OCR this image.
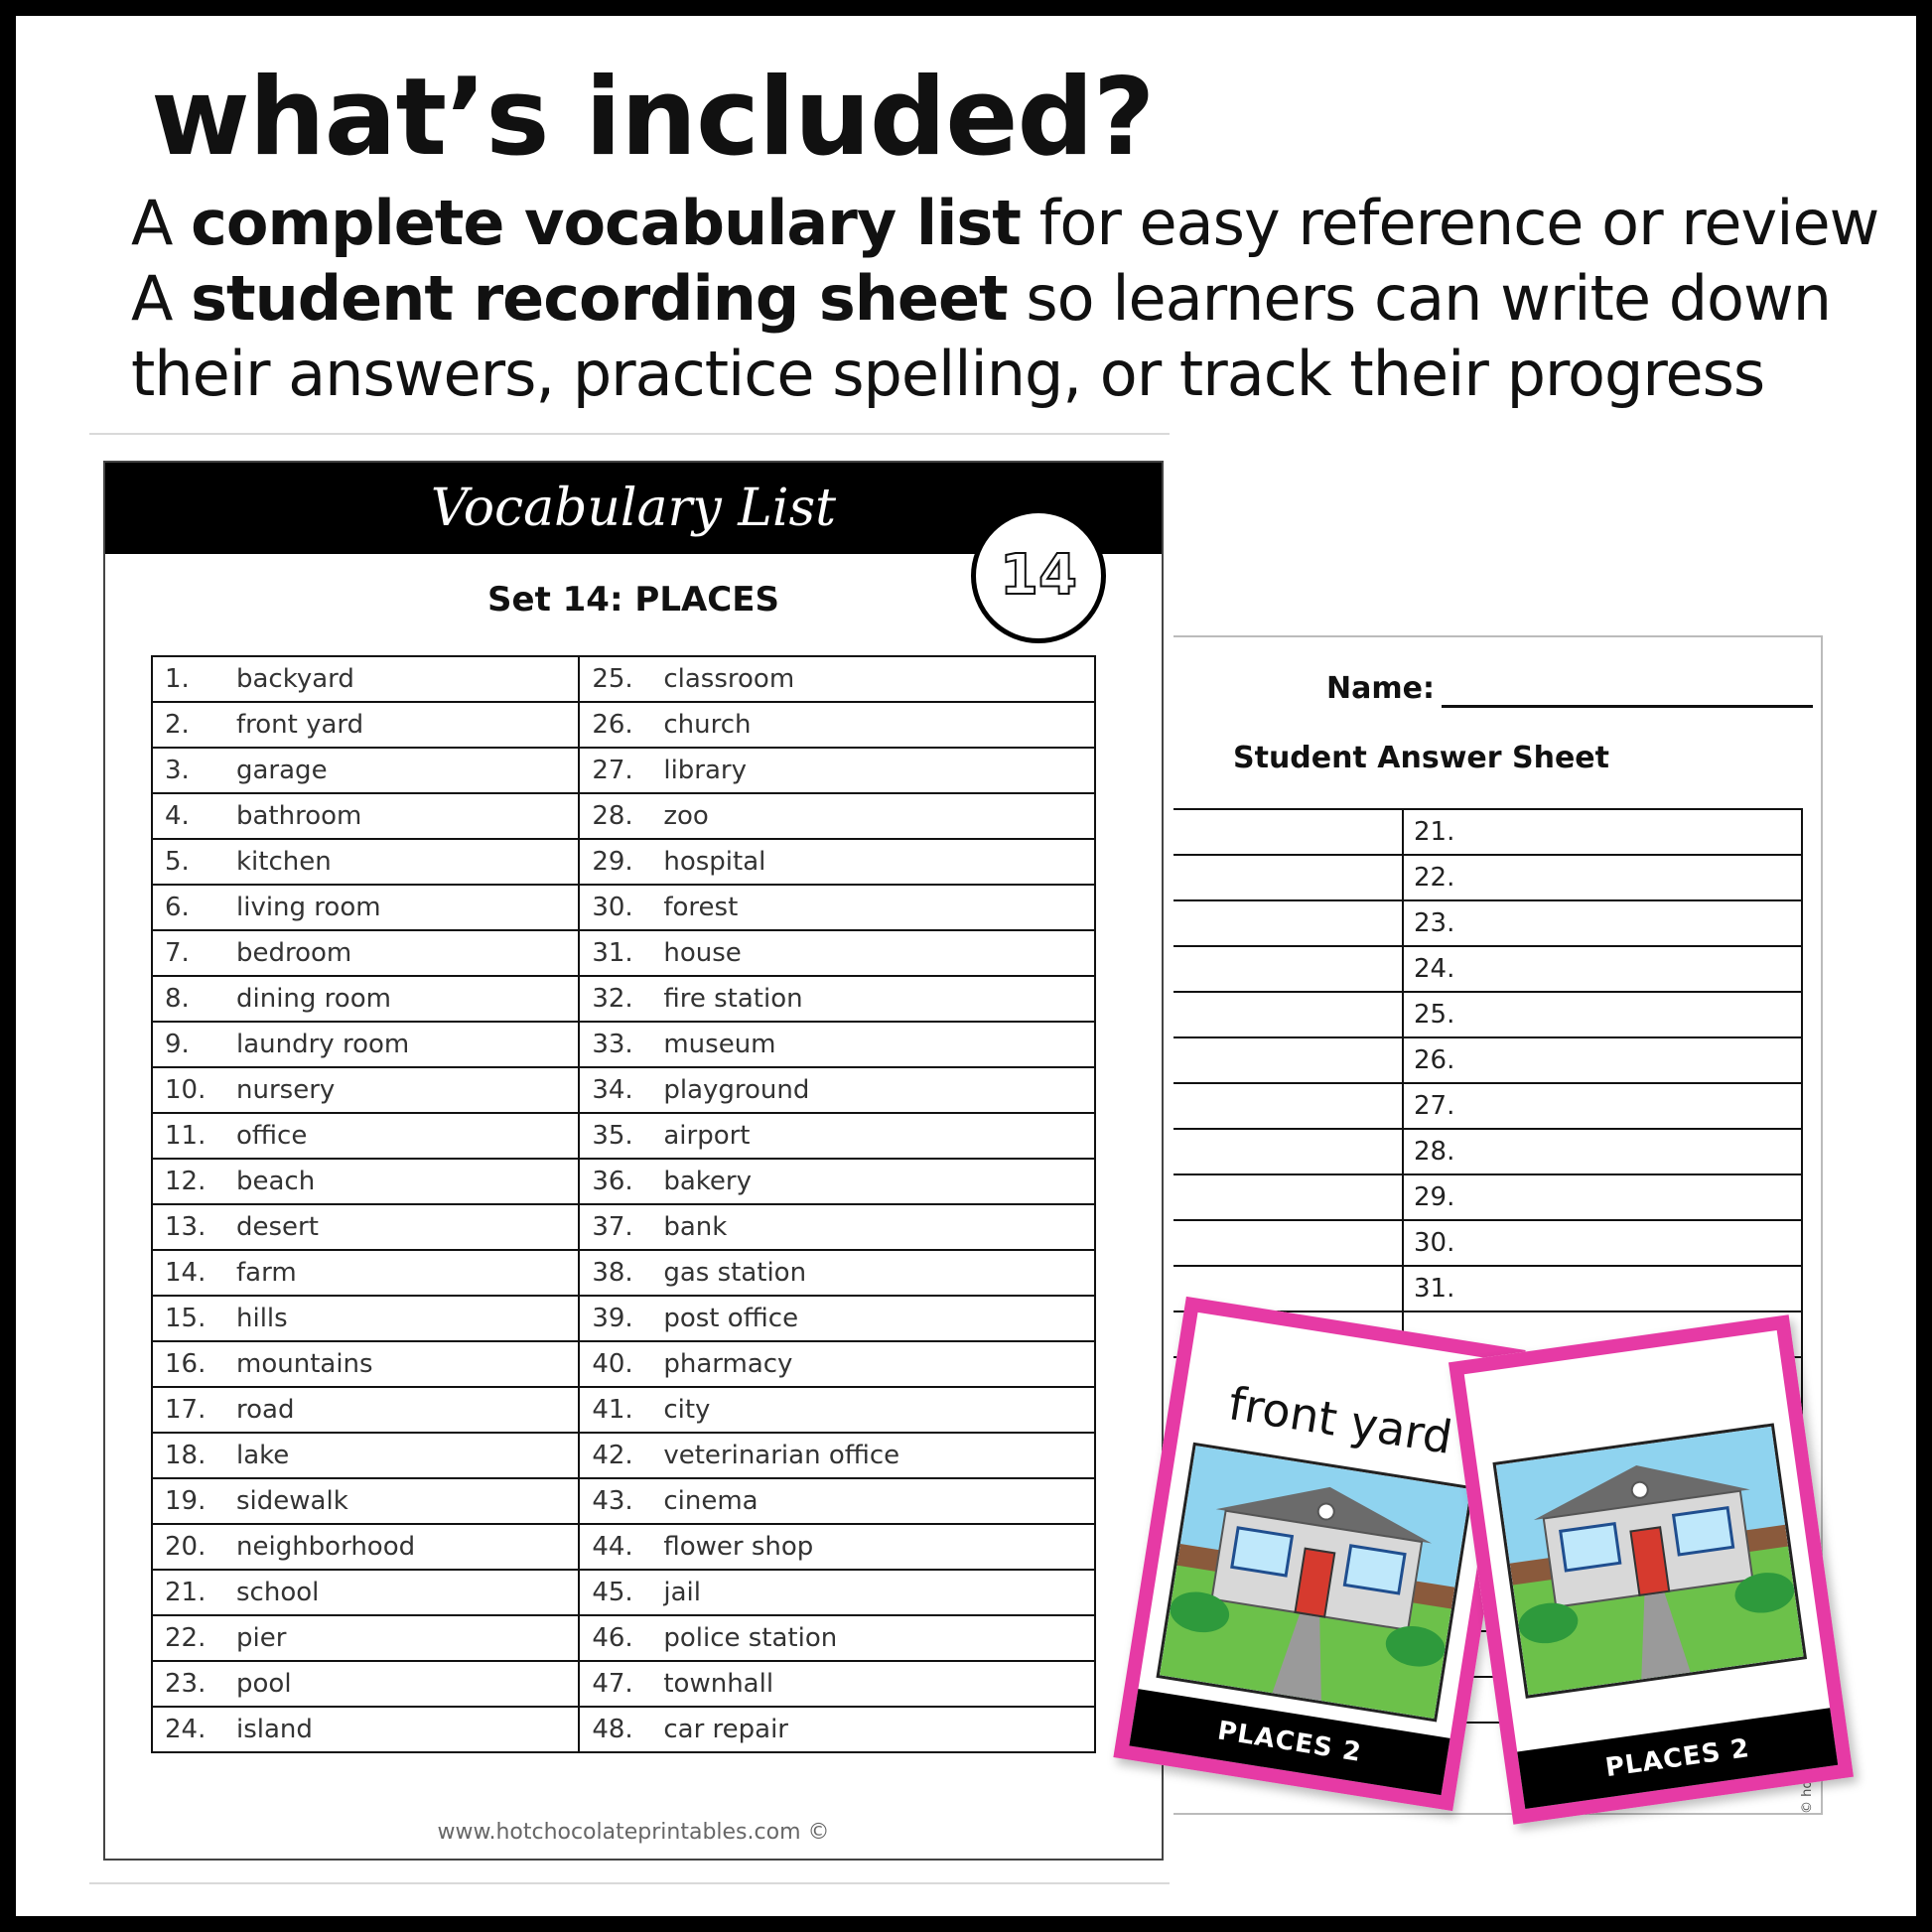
what’s included?
A complete vocabulary list for easy reference or review
A student recording sheet so learners can write down
their answers, practice spelling, or track their progress
Name:
Student Answer Sheet
	21.
	22.
	23.
	24.
	25.
	26.
	27.
	28.
	29.
	30.
	31.

Vocabulary List
14
Set 14: PLACES
1. backyard	25. classroom
2. front yard	26. church
3. garage	27. library
4. bathroom	28. zoo
5. kitchen	29. hospital
6. living room	30. forest
7. bedroom	31. house
8. dining room	32. fire station
9. laundry room	33. museum
10. nursery	34. playground
11. office	35. airport
12. beach	36. bakery
13. desert	37. bank
14. farm	38. gas station
15. hills	39. post office
16. mountains	40. pharmacy
17. road	41. city
18. lake	42. veterinarian office
19. sidewalk	43. cinema
20. neighborhood	44. flower shop
21. school	45. jail
22. pier	46. police station
23. pool	47. townhall
24. island	48. car repair
www.hotchocolateprintables.com ©
front yard
PLACES 2	PLACES 2
